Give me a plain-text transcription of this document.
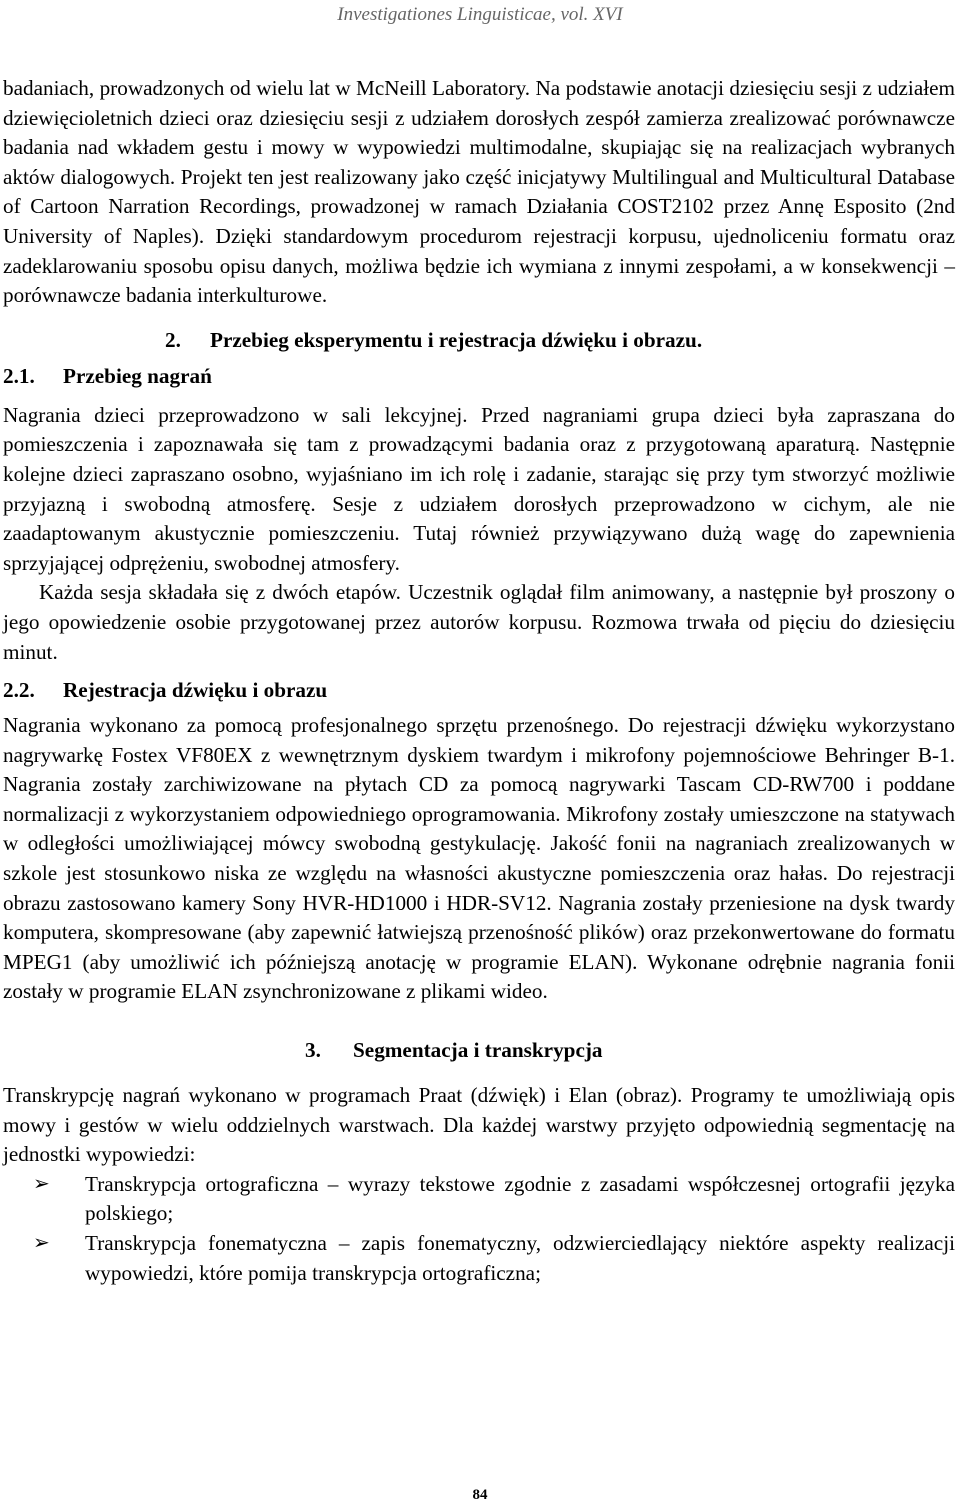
Investigationes Linguisticae, vol. XVI

badaniach, prowadzonych od wielu lat w McNeill Laboratory. Na podstawie anotacji dziesięciu sesji z udziałem dziewięcioletnich dzieci oraz dziesięciu sesji z udziałem dorosłych zespół zamierza zrealizować porównawcze badania nad wkładem gestu i mowy w wypowiedzi multimodalne, skupiając się na realizacjach wybranych aktów dialogowych. Projekt ten jest realizowany jako część inicjatywy Multilingual and Multicultural Database of Cartoon Narration Recordings, prowadzonej w ramach Działania COST2102 przez Annę Esposito (2nd University of Naples). Dzięki standardowym procedurom rejestracji korpusu, ujednoliceniu formatu oraz zadeklarowaniu sposobu opisu danych, możliwa będzie ich wymiana z innymi zespołami, a w konsekwencji – porównawcze badania interkulturowe.

2. Przebieg eksperymentu i rejestracja dźwięku i obrazu.
2.1. Przebieg nagrań

Nagrania dzieci przeprowadzono w sali lekcyjnej. Przed nagraniami grupa dzieci była zapraszana do pomieszczenia i zapoznawała się tam z prowadzącymi badania oraz z przygotowaną aparaturą. Następnie kolejne dzieci zapraszano osobno, wyjaśniano im ich rolę i zadanie, starając się przy tym stworzyć możliwie przyjazną i swobodną atmosferę. Sesje z udziałem dorosłych przeprowadzono w cichym, ale nie zaadaptowanym akustycznie pomieszczeniu. Tutaj również przywiązywano dużą wagę do zapewnienia sprzyjającej odprężeniu, swobodnej atmosfery.

Każda sesja składała się z dwóch etapów. Uczestnik oglądał film animowany, a następnie był proszony o jego opowiedzenie osobie przygotowanej przez autorów korpusu. Rozmowa trwała od pięciu do dziesięciu minut.

2.2. Rejestracja dźwięku i obrazu

Nagrania wykonano za pomocą profesjonalnego sprzętu przenośnego. Do rejestracji dźwięku wykorzystano nagrywarkę Fostex VF80EX z wewnętrznym dyskiem twardym i mikrofony pojemnościowe Behringer B-1. Nagrania zostały zarchiwizowane na płytach CD za pomocą nagrywarki Tascam CD-RW700 i poddane normalizacji z wykorzystaniem odpowiedniego oprogramowania. Mikrofony zostały umieszczone na statywach w odległości umożliwiającej mówcy swobodną gestykulację. Jakość fonii na nagraniach zrealizowanych w szkole jest stosunkowo niska ze względu na własności akustyczne pomieszczenia oraz hałas. Do rejestracji obrazu zastosowano kamery Sony HVR-HD1000 i HDR-SV12. Nagrania zostały przeniesione na dysk twardy komputera, skompresowane (aby zapewnić łatwiejszą przenośność plików) oraz przekonwertowane do formatu MPEG1 (aby umożliwić ich późniejszą anotację w programie ELAN). Wykonane odrębnie nagrania fonii zostały w programie ELAN zsynchronizowane z plikami wideo.

3. Segmentacja i transkrypcja

Transkrypcję nagrań wykonano w programach Praat (dźwięk) i Elan (obraz). Programy te umożliwiają opis mowy i gestów w wielu oddzielnych warstwach. Dla każdej warstwy przyjęto odpowiednią segmentację na jednostki wypowiedzi:

➢ Transkrypcja ortograficzna – wyrazy tekstowe zgodnie z zasadami współczesnej ortografii języka polskiego;
➢ Transkrypcja fonematyczna – zapis fonematyczny, odzwierciedlający niektóre aspekty realizacji wypowiedzi, które pomija transkrypcja ortograficzna;
84
